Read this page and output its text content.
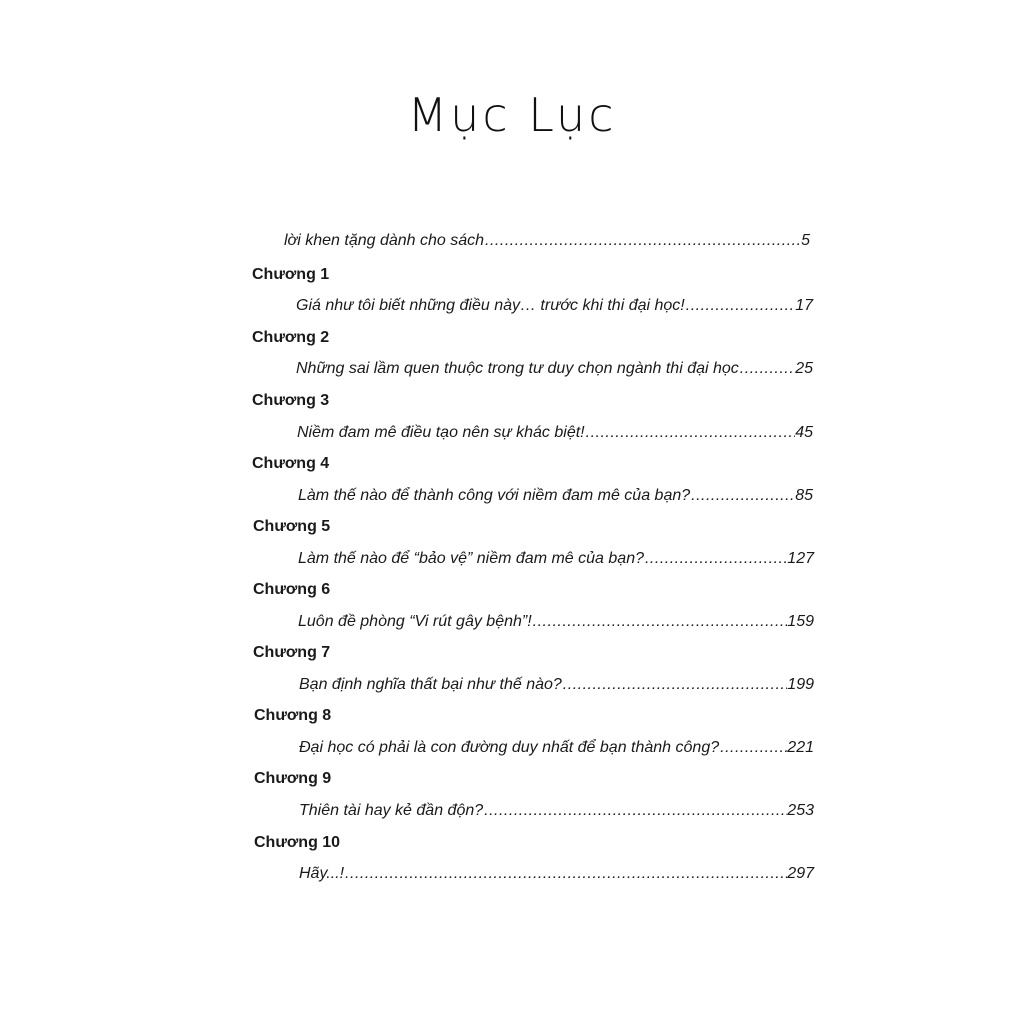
Mục Lục
lời khen tặng dành cho sách .....	5
Chương 1
Giá như tôi biết những điều này… trước khi thi đại học! .....	17
Chương 2
Những sai lầm quen thuộc trong tư duy chọn ngành thi đại học .....	25
Chương 3
Niềm đam mê điều tạo nên sự khác biệt! .....	45
Chương 4
Làm thế nào để thành công với niềm đam mê của bạn? .....	85
Chương 5
Làm thế nào để “bảo vệ” niềm đam mê của bạn? .....	127
Chương 6
Luôn đề phòng “Vi rút gây bệnh”! .....	159
Chương 7
Bạn định nghĩa thất bại như thế nào? .....	199
Chương 8
Đại học có phải là con đường duy nhất để bạn thành công? .....	221
Chương 9
Thiên tài hay kẻ đần độn? .....	253
Chương 10
Hãy...! .....	297
